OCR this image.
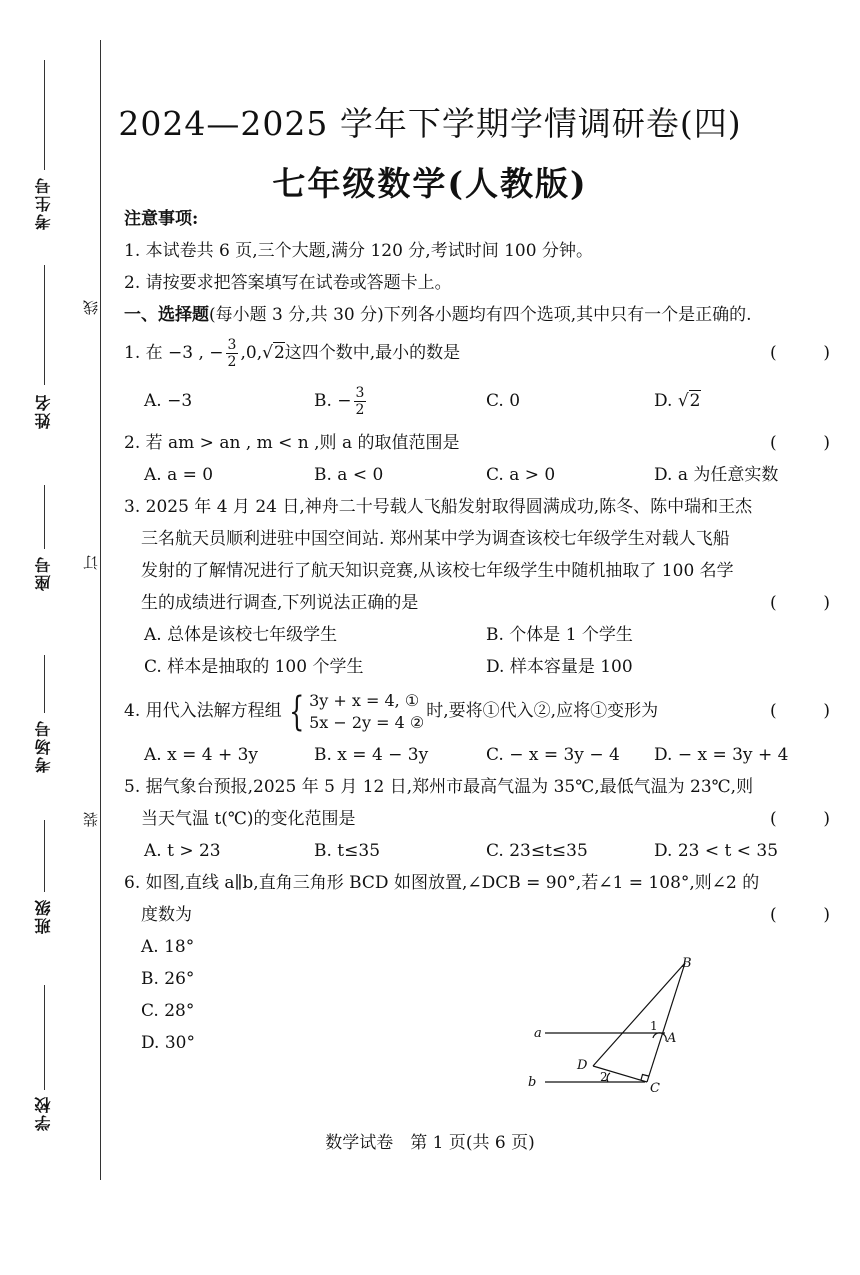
考生号
姓名
座号
考场号
班级
学校
线
订
装
2024—2025 学年下学期学情调研卷(四)
七年级数学(人教版)
注意事项:
1. 本试卷共 6 页,三个大题,满分 120 分,考试时间 100 分钟。
2. 请按要求把答案填写在试卷或答题卡上。
一、选择题(每小题 3 分,共 30 分)下列各小题均有四个选项,其中只有一个是正确的.
1. 在 −3 , − $\frac{3}{2} ,0,√2$这四个数中,最小的数是	(	)
A. −3	B. − $\frac{3}{2}$	C. 0	D. √2
2. 若 am > an , m < n ,则 a 的取值范围是	(	)
A. a = 0	B. a < 0	C. a > 0	D. a 为任意实数
3. 2025 年 4 月 24 日,神舟二十号载人飞船发射取得圆满成功,陈冬、陈中瑞和王杰
三名航天员顺利进驻中国空间站. 郑州某中学为调查该校七年级学生对载人飞船
发射的了解情况进行了航天知识竞赛,从该校七年级学生中随机抽取了 100 名学
生的成绩进行调查,下列说法正确的是	(	)
A. 总体是该校七年级学生	B. 个体是 1 个学生
C. 样本是抽取的 100 个学生	D. 样本容量是 100
4. 用代入法解方程组 { 3y + x = 4, ①
5x − 2y = 4 ②
时,要将①代入②,应将①变形为	(	)
A. x = 4 + 3y	B. x = 4 − 3y	C. − x = 3y − 4 D. − x = 3y + 4
5. 据气象台预报,2025 年 5 月 12 日,郑州市最高气温为 35℃,最低气温为 23℃,则
当天气温 t(℃)的变化范围是	(	)
A. t > 23	B. t≤35	C. 23≤t≤35	D. 23 < t < 35
6. 如图,直线 a∥b,直角三角形 BCD 如图放置,∠DCB = 90°,若∠1 = 108°,则∠2 的
度数为	(	)
A. 18°
B. 26°
C. 28°
D. 30°
B
A
D
C
a
b
1
2
数学试卷　第 1 页(共 6 页)
